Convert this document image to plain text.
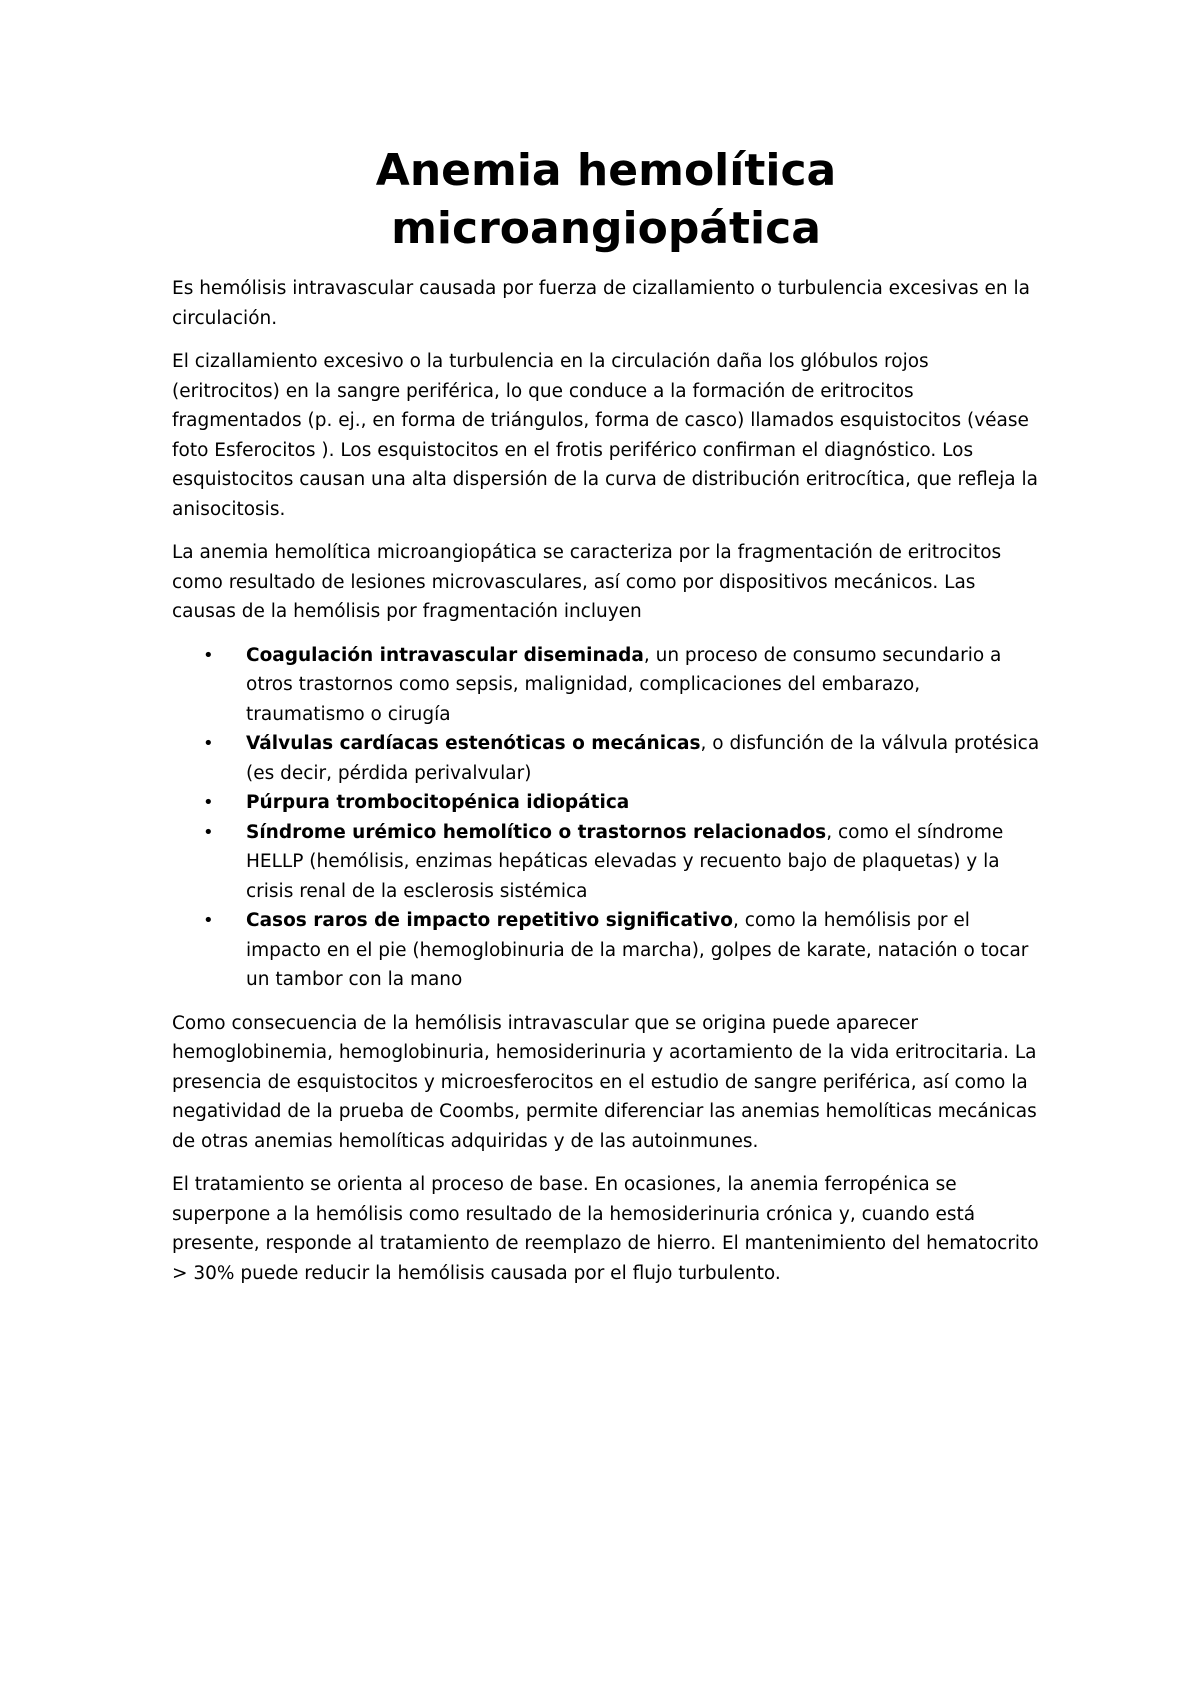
Anemia hemolítica microangiopática

Es hemólisis intravascular causada por fuerza de cizallamiento o turbulencia excesivas en la circulación.

El cizallamiento excesivo o la turbulencia en la circulación daña los glóbulos rojos (eritrocitos) en la sangre periférica, lo que conduce a la formación de eritrocitos fragmentados (p. ej., en forma de triángulos, forma de casco) llamados esquistocitos (véase foto Esferocitos ). Los esquistocitos en el frotis periférico confirman el diagnóstico. Los esquistocitos causan una alta dispersión de la curva de distribución eritrocítica, que refleja la anisocitosis.

La anemia hemolítica microangiopática se caracteriza por la fragmentación de eritrocitos como resultado de lesiones microvasculares, así como por dispositivos mecánicos. Las causas de la hemólisis por fragmentación incluyen

• Coagulación intravascular diseminada, un proceso de consumo secundario a otros trastornos como sepsis, malignidad, complicaciones del embarazo, traumatismo o cirugía
• Válvulas cardíacas estenóticas o mecánicas, o disfunción de la válvula protésica (es decir, pérdida perivalvular)
• Púrpura trombocitopénica idiopática
• Síndrome urémico hemolítico o trastornos relacionados, como el síndrome HELLP (hemólisis, enzimas hepáticas elevadas y recuento bajo de plaquetas) y la crisis renal de la esclerosis sistémica
• Casos raros de impacto repetitivo significativo, como la hemólisis por el impacto en el pie (hemoglobinuria de la marcha), golpes de karate, natación o tocar un tambor con la mano

Como consecuencia de la hemólisis intravascular que se origina puede aparecer hemoglobinemia, hemoglobinuria, hemosiderinuria y acortamiento de la vida eritrocitaria. La presencia de esquistocitos y microesferocitos en el estudio de sangre periférica, así como la negatividad de la prueba de Coombs, permite diferenciar las anemias hemolíticas mecánicas de otras anemias hemolíticas adquiridas y de las autoinmunes.

El tratamiento se orienta al proceso de base. En ocasiones, la anemia ferropénica se superpone a la hemólisis como resultado de la hemosiderinuria crónica y, cuando está presente, responde al tratamiento de reemplazo de hierro. El mantenimiento del hematocrito > 30% puede reducir la hemólisis causada por el flujo turbulento.
